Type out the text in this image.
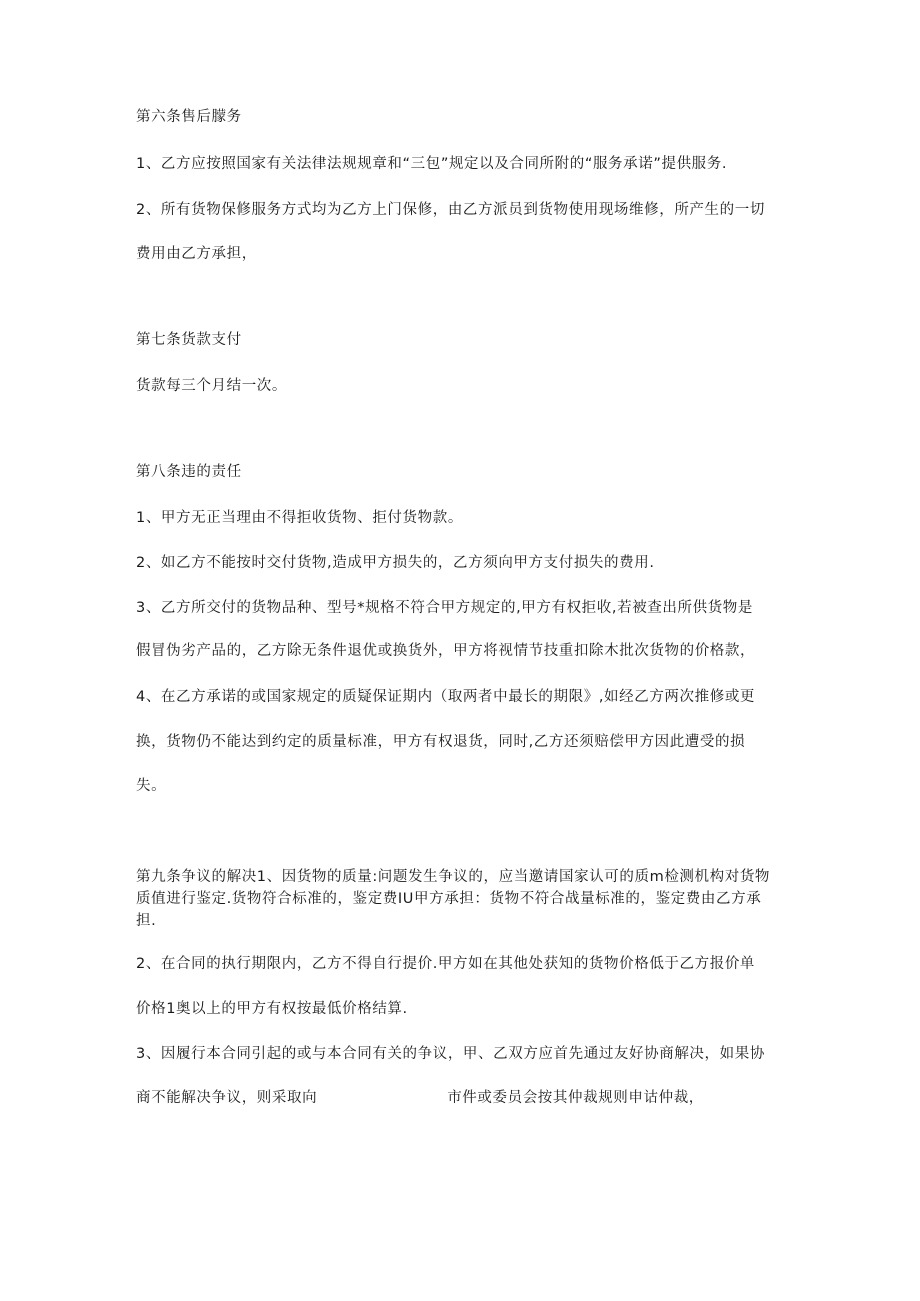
第六条售后朦务
1、乙方应按照国家有关法律法规规章和“三包”规定以及合同所附的“服务承诺”提供服务.
2、所有货物保修服务方式均为乙方上门保修，由乙方派员到货物使用现场维修，所产生的一切
费用由乙方承担，
第七条货款支付
货款每三个月结一次。
第八条违的责任
1、甲方无正当理由不得拒收货物、拒付货物款。
2、如乙方不能按时交付货物,造成甲方损失的，乙方须向甲方支付损失的费用.
3、乙方所交付的货物品种、型号*规格不符合甲方规定的,甲方有权拒收,若被查出所供货物是
假冒伪劣产品的，乙方除无条件退优或换货外，甲方将视情节技重扣除木批次货物的价格款，
4、在乙方承诺的或国家规定的质疑保证期内（取两者中最长的期限》,如经乙方两次推修或更
换，货物仍不能达到约定的质量标准，甲方有权退货，同时,乙方还须赔偿甲方因此遭受的损
失。
第九条争议的解决1、因货物的质量:问题发生争议的，应当邀请国家认可的质m检测机构对货物
质值进行鉴定.货物符合标准的，鉴定费IU甲方承担：货物不符合战量标准的，鉴定费由乙方承
担.
2、在合同的执行期限内，乙方不得自行提价.甲方如在其他处获知的货物价格低于乙方报价单
价格1奥以上的甲方有权按最低价格结算.
3、因履行本合同引起的或与本合同有关的争议，甲、乙双方应首先通过友好协商解决，如果协
商不能解决争议，则采取向	市件或委员会按其仲裁规则申诂仲裁，
